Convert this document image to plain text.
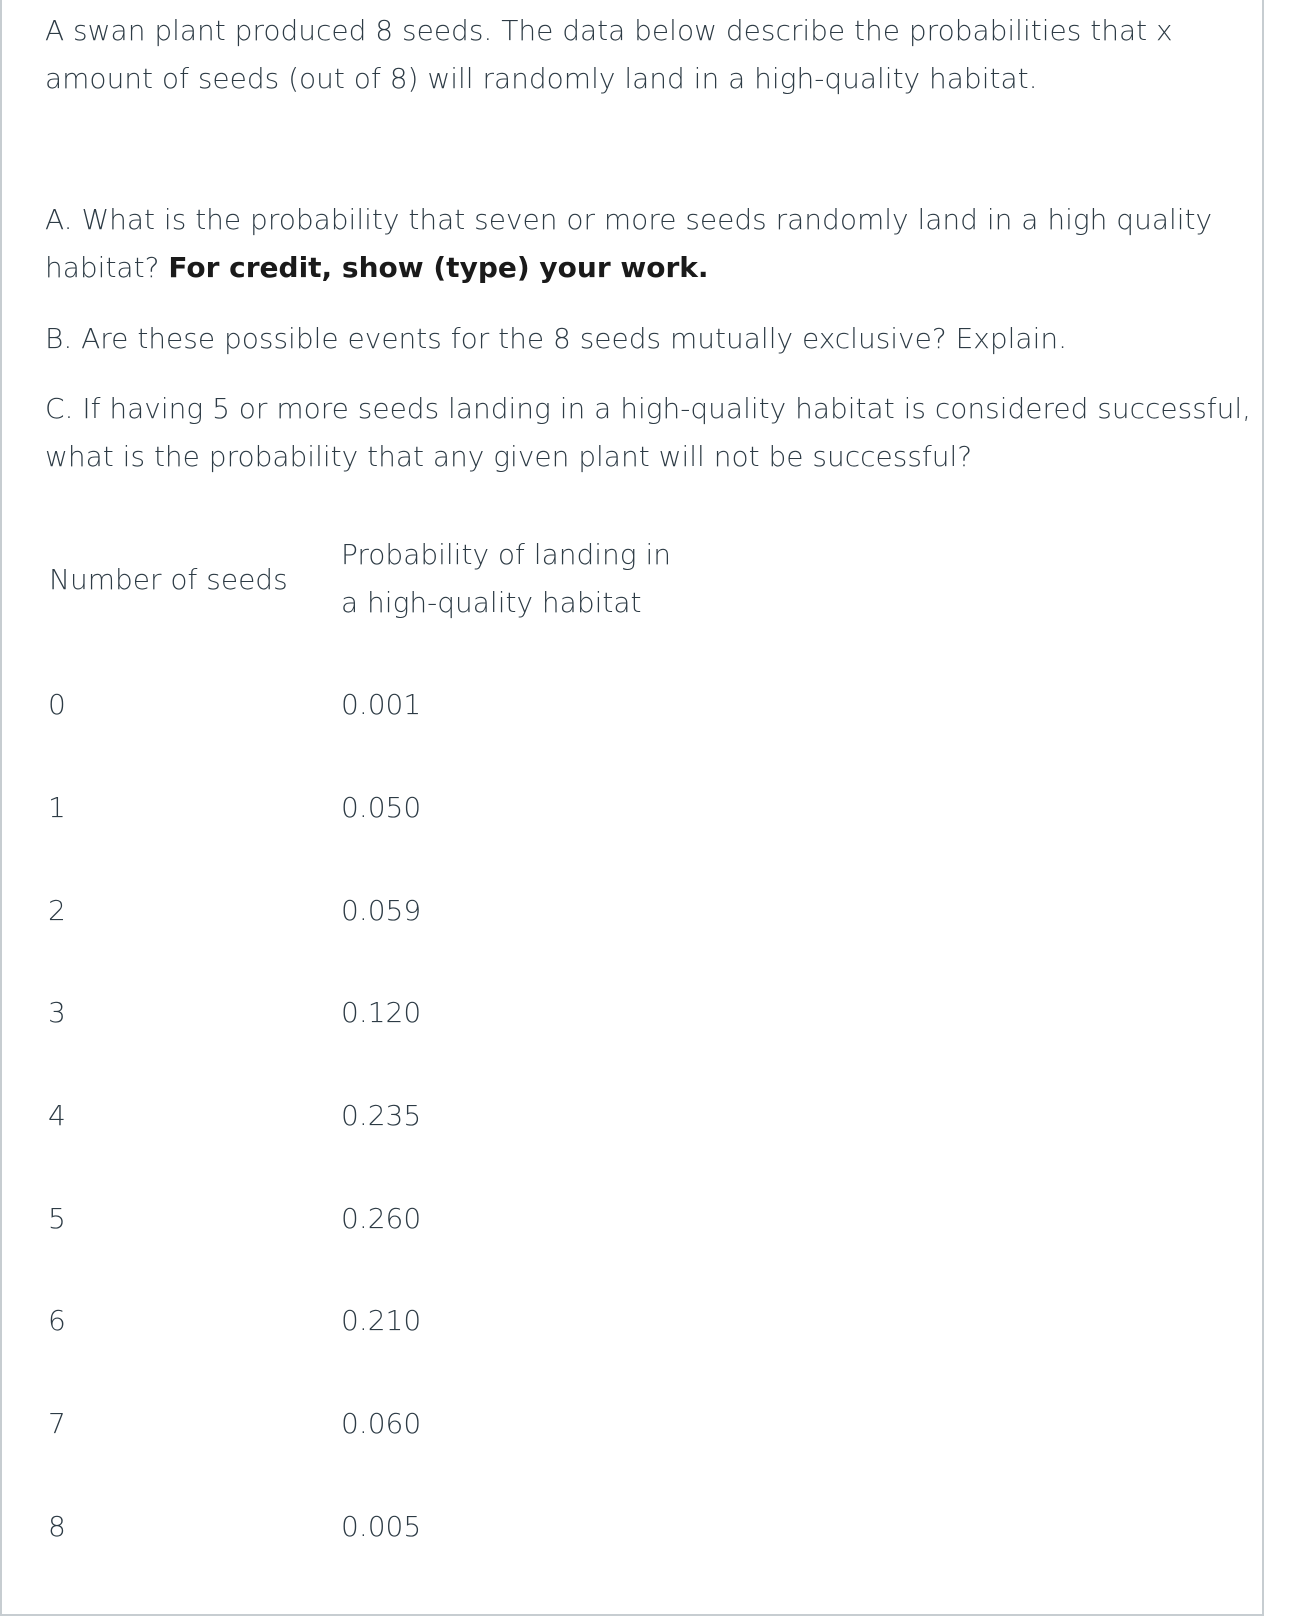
A swan plant produced 8 seeds. The data below describe the probabilities that x
amount of seeds (out of 8) will randomly land in a high-quality habitat.

A. What is the probability that seven or more seeds randomly land in a high quality
habitat? For credit, show (type) your work.

B. Are these possible events for the 8 seeds mutually exclusive? Explain.

C. If having 5 or more seeds landing in a high-quality habitat is considered successful,
what is the probability that any given plant will not be successful?

Number of seeds
Probability of landing in
a high-quality habitat
0	0.001
1	0.050
2	0.059
3	0.120
4	0.235
5	0.260
6	0.210
7	0.060
8	0.005
